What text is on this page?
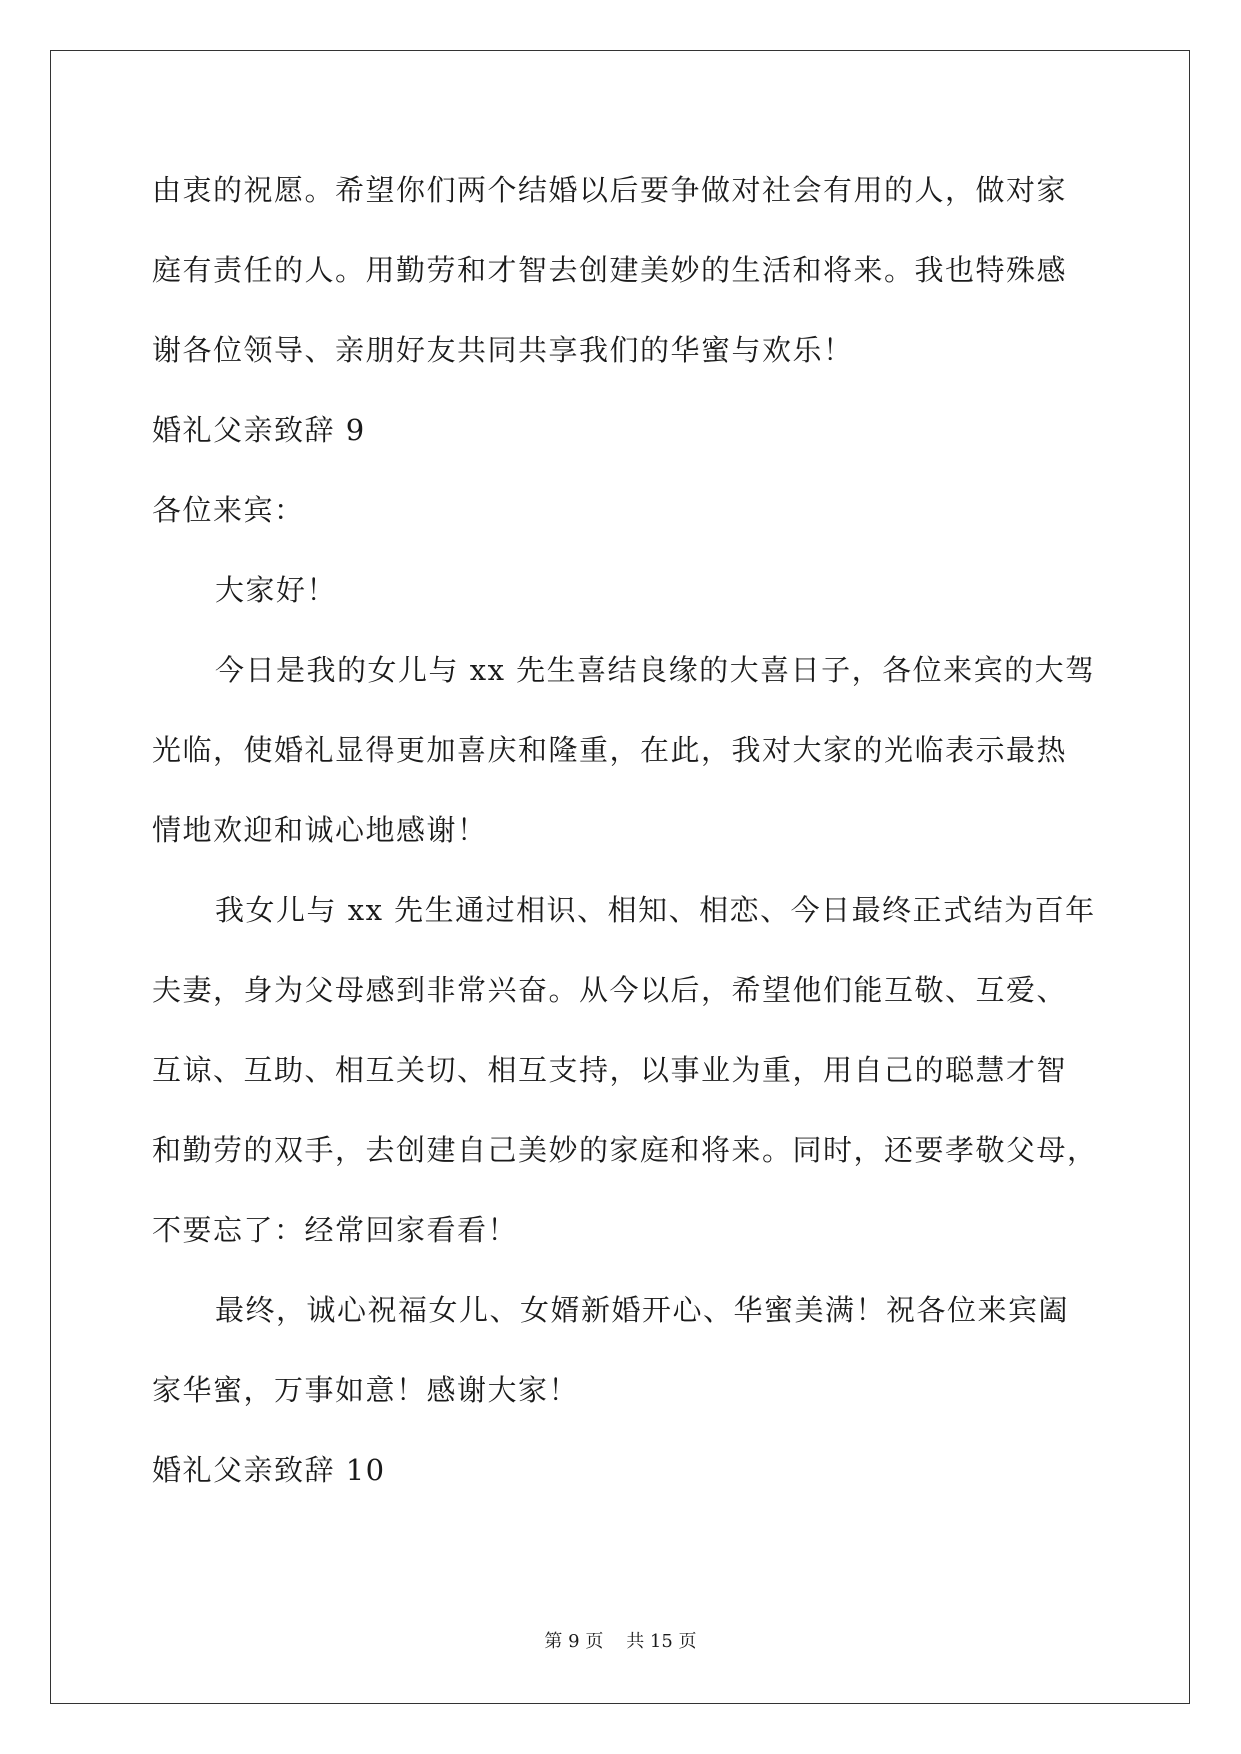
由衷的祝愿。希望你们两个结婚以后要争做对社会有用的人，做对家
庭有责任的人。用勤劳和才智去创建美妙的生活和将来。我也特殊感
谢各位领导、亲朋好友共同共享我们的华蜜与欢乐！
婚礼父亲致辞 9
各位来宾：
大家好！
今日是我的女儿与 xx 先生喜结良缘的大喜日子，各位来宾的大驾
光临，使婚礼显得更加喜庆和隆重，在此，我对大家的光临表示最热
情地欢迎和诚心地感谢！
我女儿与 xx 先生通过相识、相知、相恋、今日最终正式结为百年
夫妻，身为父母感到非常兴奋。从今以后，希望他们能互敬、互爱、
互谅、互助、相互关切、相互支持，以事业为重，用自己的聪慧才智
和勤劳的双手，去创建自己美妙的家庭和将来。同时，还要孝敬父母，
不要忘了：经常回家看看！
最终，诚心祝福女儿、女婿新婚开心、华蜜美满！祝各位来宾阖
家华蜜，万事如意！感谢大家！
婚礼父亲致辞 10
第 9 页    共 15 页
